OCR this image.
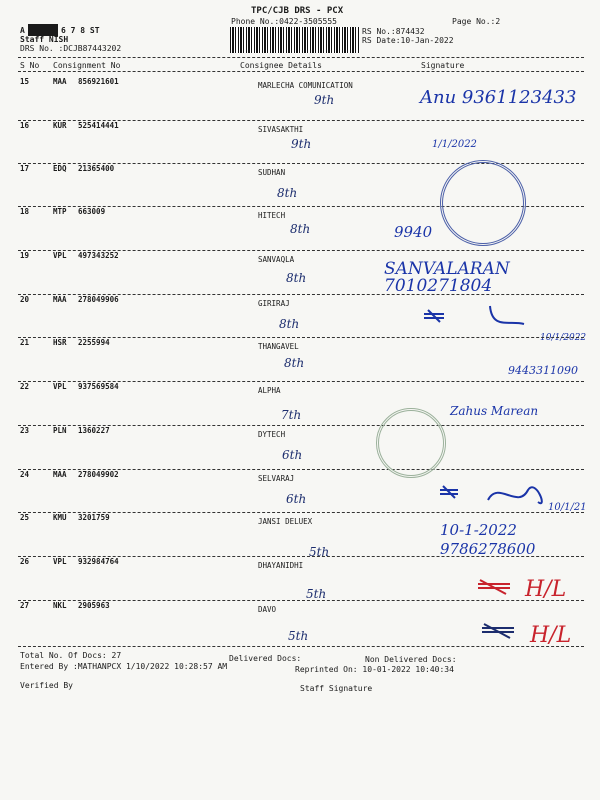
TPC/CJB DRS - PCX
Phone No.:0422-3505555	Page No.:2
A	6 7 8 ST
Staff NISH
DRS No. :DCJB87443202
RS No.:874432
RS Date:10-Jan-2022
S No Consignment No	Consignee Details	Signature
15	MAA 856921601	MARLECHA COMUNICATION
9th	Anu 9361123433
16	KUR 525414441	SIVASAKTHI
9th	1/1/2022
17	EDQ 21365400	SUDHAN
8th
18	MTP 663009	HITECH
8th	9940
19	VPL 497343252	SANVAQLA
8th	SANVALARAN 7010271804
20	MAA 278049906	GIRIRAJ
8th
10/1/2022
21	HSR 2255994	THANGAVEL
8th
9443311090
22	VPL 937569584	ALPHA
7th	Zahus Marean
23	PLN 1360227	DYTECH
6th
24	MAA 278049902	SELVARAJ
6th
10/1/21
25	KMU 3201759	JANSI DELUEX
5th
10-1-2022 9786278600
26	VPL 932984764	DHAYANIDHI
5th	H/L
27	NKL 2905963	DAVO
5th	H/L
Total No. Of Docs: 27	Delivered Docs:	Non Delivered Docs:
Entered By :MATHANPCX 1/10/2022 10:28:57 AM	Reprinted On: 10-01-2022 10:40:34
Verified By	Staff Signature
